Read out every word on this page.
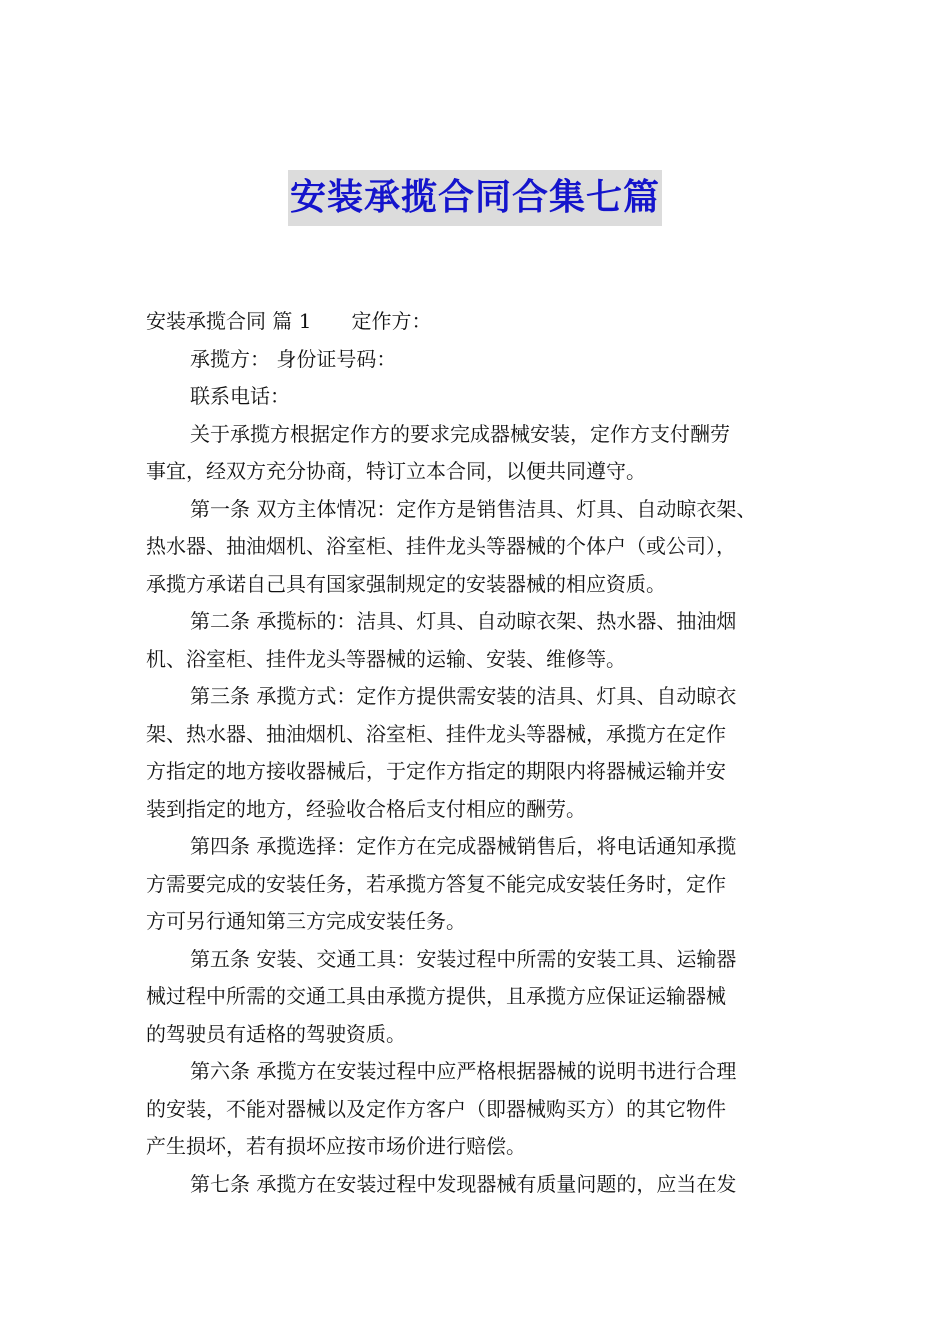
安装承揽合同合集七篇
安装承揽合同 篇 1 定作方：
承揽方： 身份证号码：
联系电话：
关于承揽方根据定作方的要求完成器械安装，定作方支付酬劳
事宜，经双方充分协商，特订立本合同，以便共同遵守。
第一条 双方主体情况：定作方是销售洁具、灯具、自动晾衣架、
热水器、抽油烟机、浴室柜、挂件龙头等器械的个体户（或公司），
承揽方承诺自己具有国家强制规定的安装器械的相应资质。
第二条 承揽标的：洁具、灯具、自动晾衣架、热水器、抽油烟
机、浴室柜、挂件龙头等器械的运输、安装、维修等。
第三条 承揽方式：定作方提供需安装的洁具、灯具、自动晾衣
架、热水器、抽油烟机、浴室柜、挂件龙头等器械，承揽方在定作
方指定的地方接收器械后，于定作方指定的期限内将器械运输并安
装到指定的地方，经验收合格后支付相应的酬劳。
第四条 承揽选择：定作方在完成器械销售后，将电话通知承揽
方需要完成的安装任务，若承揽方答复不能完成安装任务时，定作
方可另行通知第三方完成安装任务。
第五条 安装、交通工具：安装过程中所需的安装工具、运输器
械过程中所需的交通工具由承揽方提供，且承揽方应保证运输器械
的驾驶员有适格的驾驶资质。
第六条 承揽方在安装过程中应严格根据器械的说明书进行合理
的安装，不能对器械以及定作方客户（即器械购买方）的其它物件
产生损坏，若有损坏应按市场价进行赔偿。
第七条 承揽方在安装过程中发现器械有质量问题的，应当在发
